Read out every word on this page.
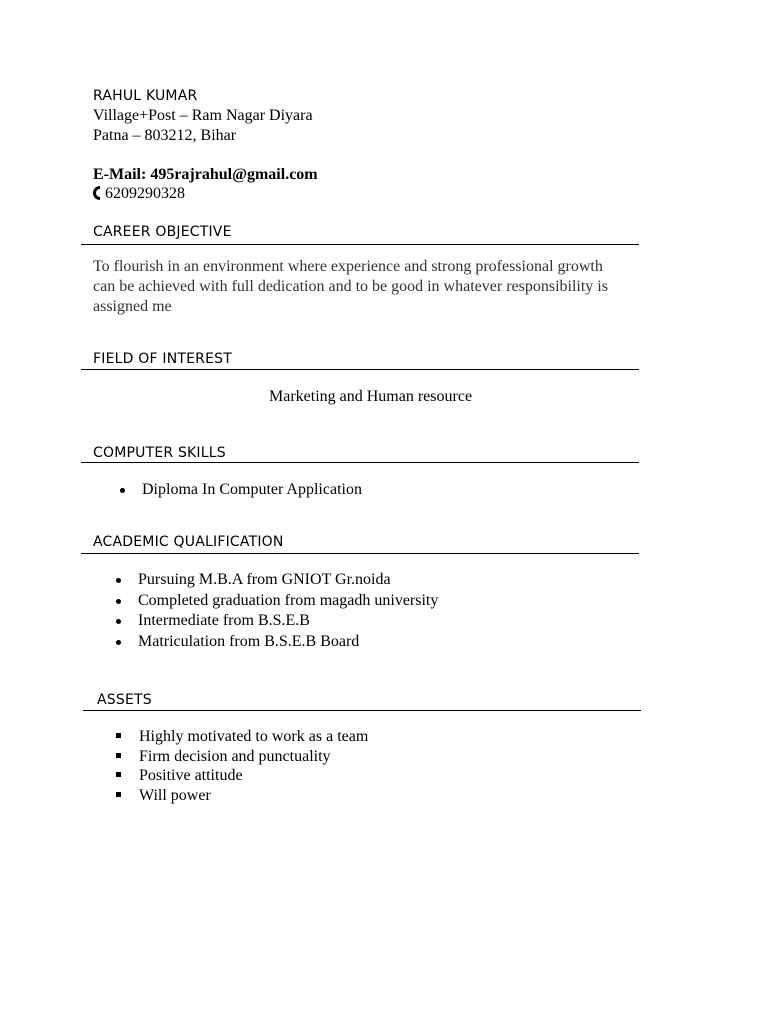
RAHUL KUMAR
Village+Post – Ram Nagar Diyara
Patna – 803212, Bihar
E-Mail: 495rajrahul@gmail.com
6209290328
CAREER OBJECTIVE
To flourish in an environment where experience and strong professional growth
can be achieved with full dedication and to be good in whatever responsibility is
assigned me
FIELD OF INTEREST
Marketing and Human resource
COMPUTER SKILLS
Diploma In Computer Application
ACADEMIC QUALIFICATION
Pursuing M.B.A from GNIOT Gr.noida
Completed graduation from magadh university
Intermediate from B.S.E.B
Matriculation from B.S.E.B Board
ASSETS
Highly motivated to work as a team
Firm decision and punctuality
Positive attitude
Will power
